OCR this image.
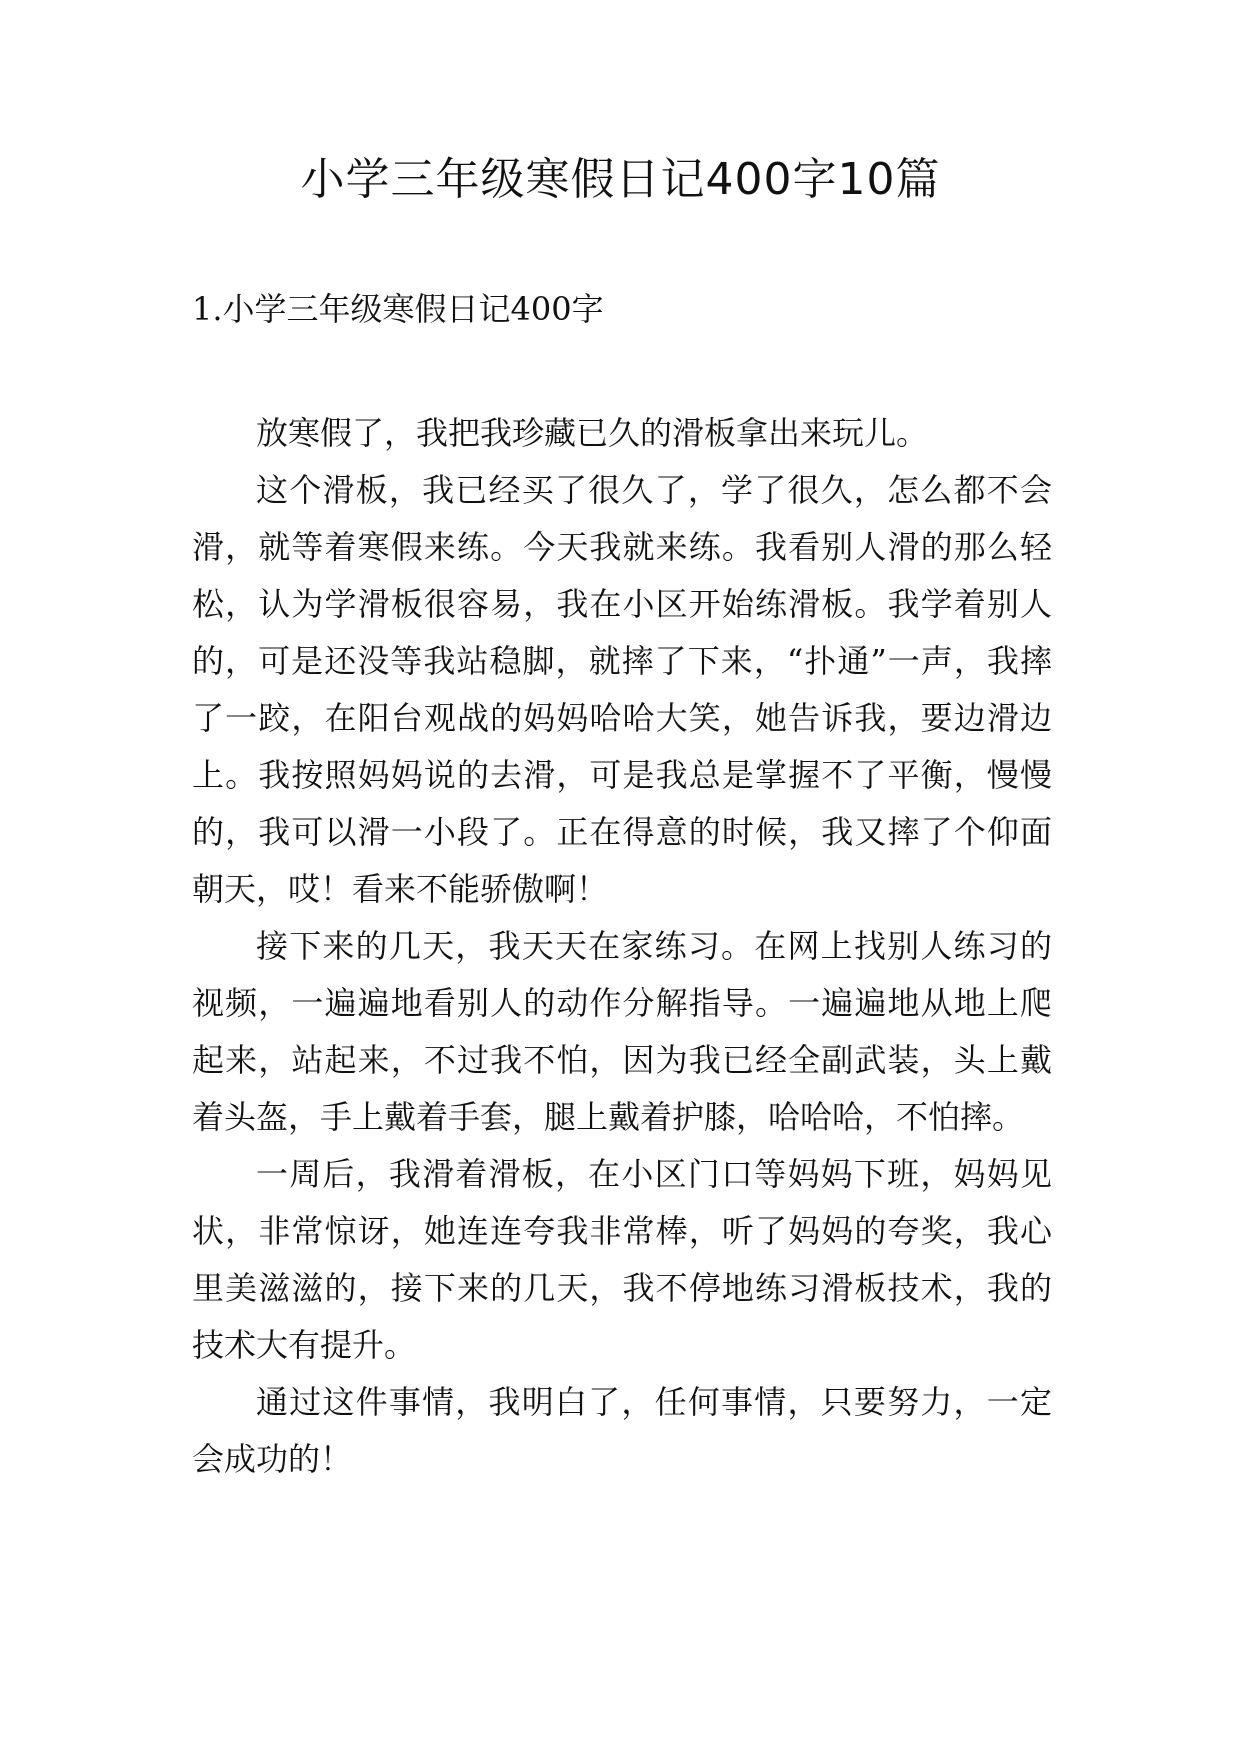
小学三年级寒假日记400字10篇
1.小学三年级寒假日记400字

放寒假了，我把我珍藏已久的滑板拿出来玩儿。

这个滑板，我已经买了很久了，学了很久，怎么都不会滑，就等着寒假来练。今天我就来练。我看别人滑的那么轻松，认为学滑板很容易，我在小区开始练滑板。我学着别人的，可是还没等我站稳脚，就摔了下来，“扑通”一声，我摔了一跤，在阳台观战的妈妈哈哈大笑，她告诉我，要边滑边上。我按照妈妈说的去滑，可是我总是掌握不了平衡，慢慢的，我可以滑一小段了。正在得意的时候，我又摔了个仰面朝天，哎！看来不能骄傲啊！

接下来的几天，我天天在家练习。在网上找别人练习的视频，一遍遍地看别人的动作分解指导。一遍遍地从地上爬起来，站起来，不过我不怕，因为我已经全副武装，头上戴着头盔，手上戴着手套，腿上戴着护膝，哈哈哈，不怕摔。

一周后，我滑着滑板，在小区门口等妈妈下班，妈妈见状，非常惊讶，她连连夸我非常棒，听了妈妈的夸奖，我心里美滋滋的，接下来的几天，我不停地练习滑板技术，我的技术大有提升。

通过这件事情，我明白了，任何事情，只要努力，一定会成功的！
